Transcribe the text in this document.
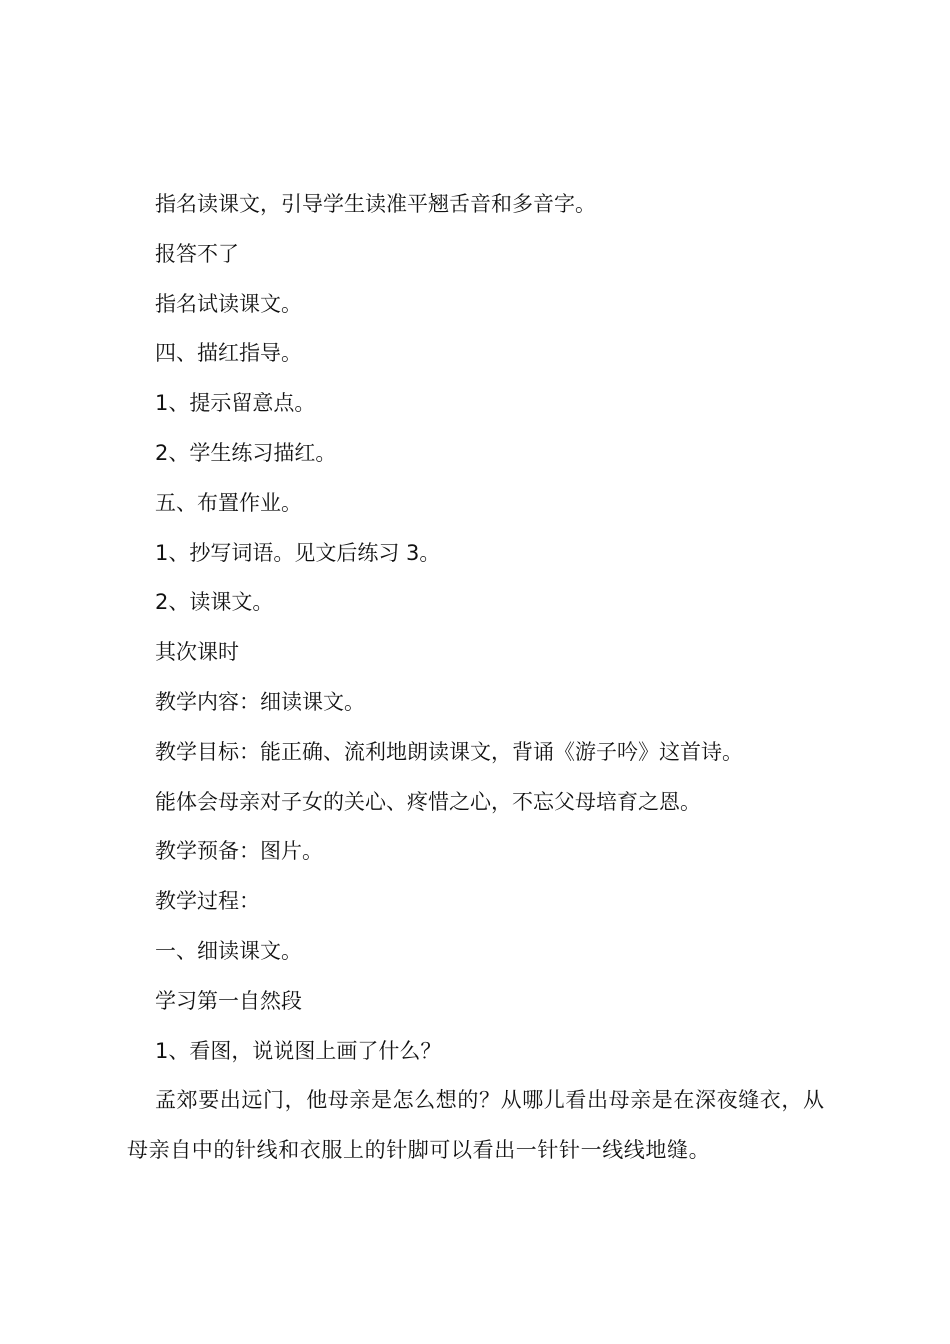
指名读课文，引导学生读准平翘舌音和多音字。

报答不了

指名试读课文。

四、描红指导。

1、提示留意点。

2、学生练习描红。

五、布置作业。

1、抄写词语。见文后练习 3。

2、读课文。

其次课时

教学内容：细读课文。

教学目标：能正确、流利地朗读课文，背诵《游子吟》这首诗。

能体会母亲对子女的关心、疼惜之心，不忘父母培育之恩。

教学预备：图片。

教学过程：

一、细读课文。

学习第一自然段

1、看图，说说图上画了什么？

孟郊要出远门，他母亲是怎么想的？从哪儿看出母亲是在深夜缝衣，从母亲自中的针线和衣服上的针脚可以看出一针针一线线地缝。
